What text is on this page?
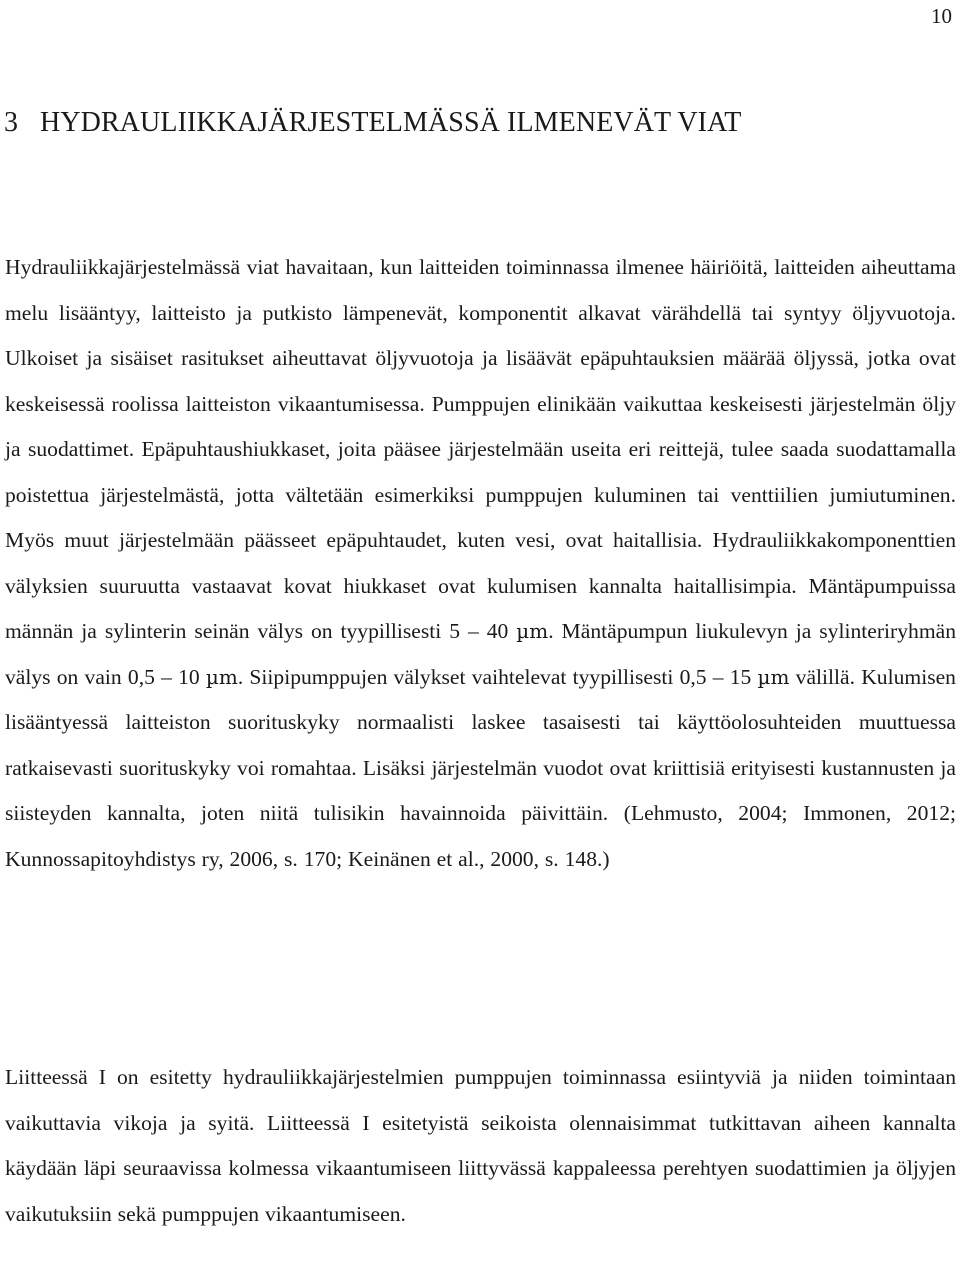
10
3 HYDRAULIIKKAJÄRJESTELMÄSSÄ ILMENEVÄT VIAT

Hydrauliikkajärjestelmässä viat havaitaan, kun laitteiden toiminnassa ilmenee häiriöitä, laitteiden aiheuttama melu lisääntyy, laitteisto ja putkisto lämpenevät, komponentit alkavat värähdellä tai syntyy öljyvuotoja. Ulkoiset ja sisäiset rasitukset aiheuttavat öljyvuotoja ja lisäävät epäpuhtauksien määrää öljyssä, jotka ovat keskeisessä roolissa laitteiston vikaantumisessa. Pumppujen elinikään vaikuttaa keskeisesti järjestelmän öljy ja suodattimet. Epäpuhtaushiukkaset, joita pääsee järjestelmään useita eri reittejä, tulee saada suodattamalla poistettua järjestelmästä, jotta vältetään esimerkiksi pumppujen kuluminen tai venttiilien jumiutuminen. Myös muut järjestelmään päässeet epäpuhtaudet, kuten vesi, ovat haitallisia. Hydrauliikkakomponenttien välyksien suuruutta vastaavat kovat hiukkaset ovat kulumisen kannalta haitallisimpia. Mäntäpumpuissa männän ja sylinterin seinän välys on tyypillisesti 5 – 40 µm. Mäntäpumpun liukulevyn ja sylinteriryhmän välys on vain 0,5 – 10 µm. Siipipumppujen välykset vaihtelevat tyypillisesti 0,5 – 15 µm välillä. Kulumisen lisääntyessä laitteiston suorituskyky normaalisti laskee tasaisesti tai käyttöolosuhteiden muuttuessa ratkaisevasti suorituskyky voi romahtaa. Lisäksi järjestelmän vuodot ovat kriittisiä erityisesti kustannusten ja siisteyden kannalta, joten niitä tulisikin havainnoida päivittäin. (Lehmusto, 2004; Immonen, 2012; Kunnossapitoyhdistys ry, 2006, s. 170; Keinänen et al., 2000, s. 148.)

Liitteessä I on esitetty hydrauliikkajärjestelmien pumppujen toiminnassa esiintyviä ja niiden toimintaan vaikuttavia vikoja ja syitä. Liitteessä I esitetyistä seikoista olennaisimmat tutkittavan aiheen kannalta käydään läpi seuraavissa kolmessa vikaantumiseen liittyvässä kappaleessa perehtyen suodattimien ja öljyjen vaikutuksiin sekä pumppujen vikaantumiseen.
